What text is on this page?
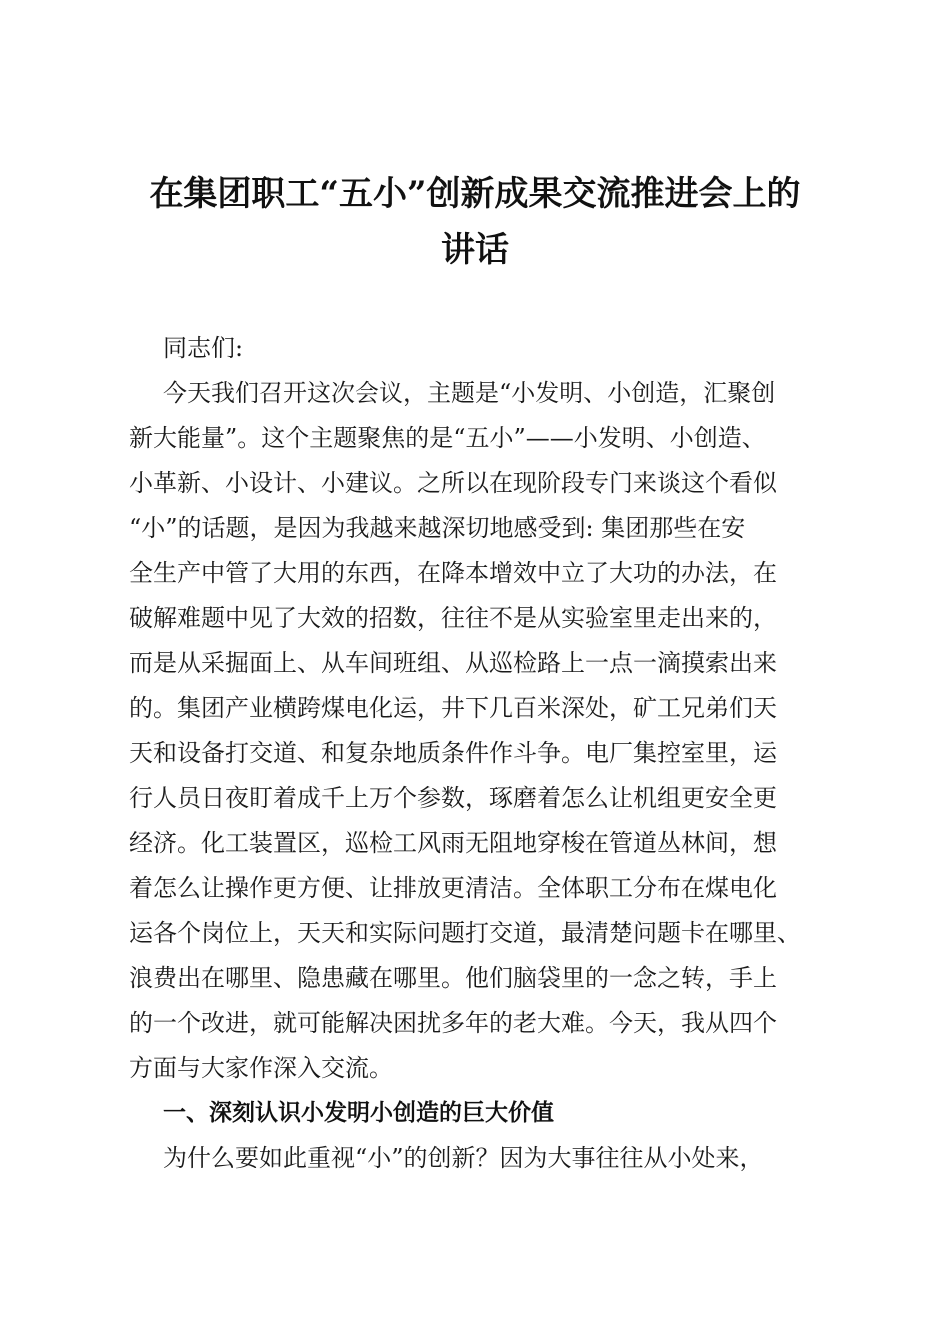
在集团职工“五小”创新成果交流推进会上的
讲话
同志们:
今天我们召开这次会议，主题是“小发明、小创造，汇聚创
新大能量”。这个主题聚焦的是“五小”——小发明、小创造、
小革新、小设计、小建议。之所以在现阶段专门来谈这个看似
“小”的话题，是因为我越来越深切地感受到: 集团那些在安
全生产中管了大用的东西，在降本增效中立了大功的办法，在
破解难题中见了大效的招数，往往不是从实验室里走出来的，
而是从采掘面上、从车间班组、从巡检路上一点一滴摸索出来
的。集团产业横跨煤电化运，井下几百米深处，矿工兄弟们天
天和设备打交道、和复杂地质条件作斗争。电厂集控室里，运
行人员日夜盯着成千上万个参数，琢磨着怎么让机组更安全更
经济。化工装置区，巡检工风雨无阻地穿梭在管道丛林间，想
着怎么让操作更方便、让排放更清洁。全体职工分布在煤电化
运各个岗位上，天天和实际问题打交道，最清楚问题卡在哪里、
浪费出在哪里、隐患藏在哪里。他们脑袋里的一念之转，手上
的一个改进，就可能解决困扰多年的老大难。今天，我从四个
方面与大家作深入交流。
一、深刻认识小发明小创造的巨大价值
为什么要如此重视“小”的创新？因为大事往往从小处来，
